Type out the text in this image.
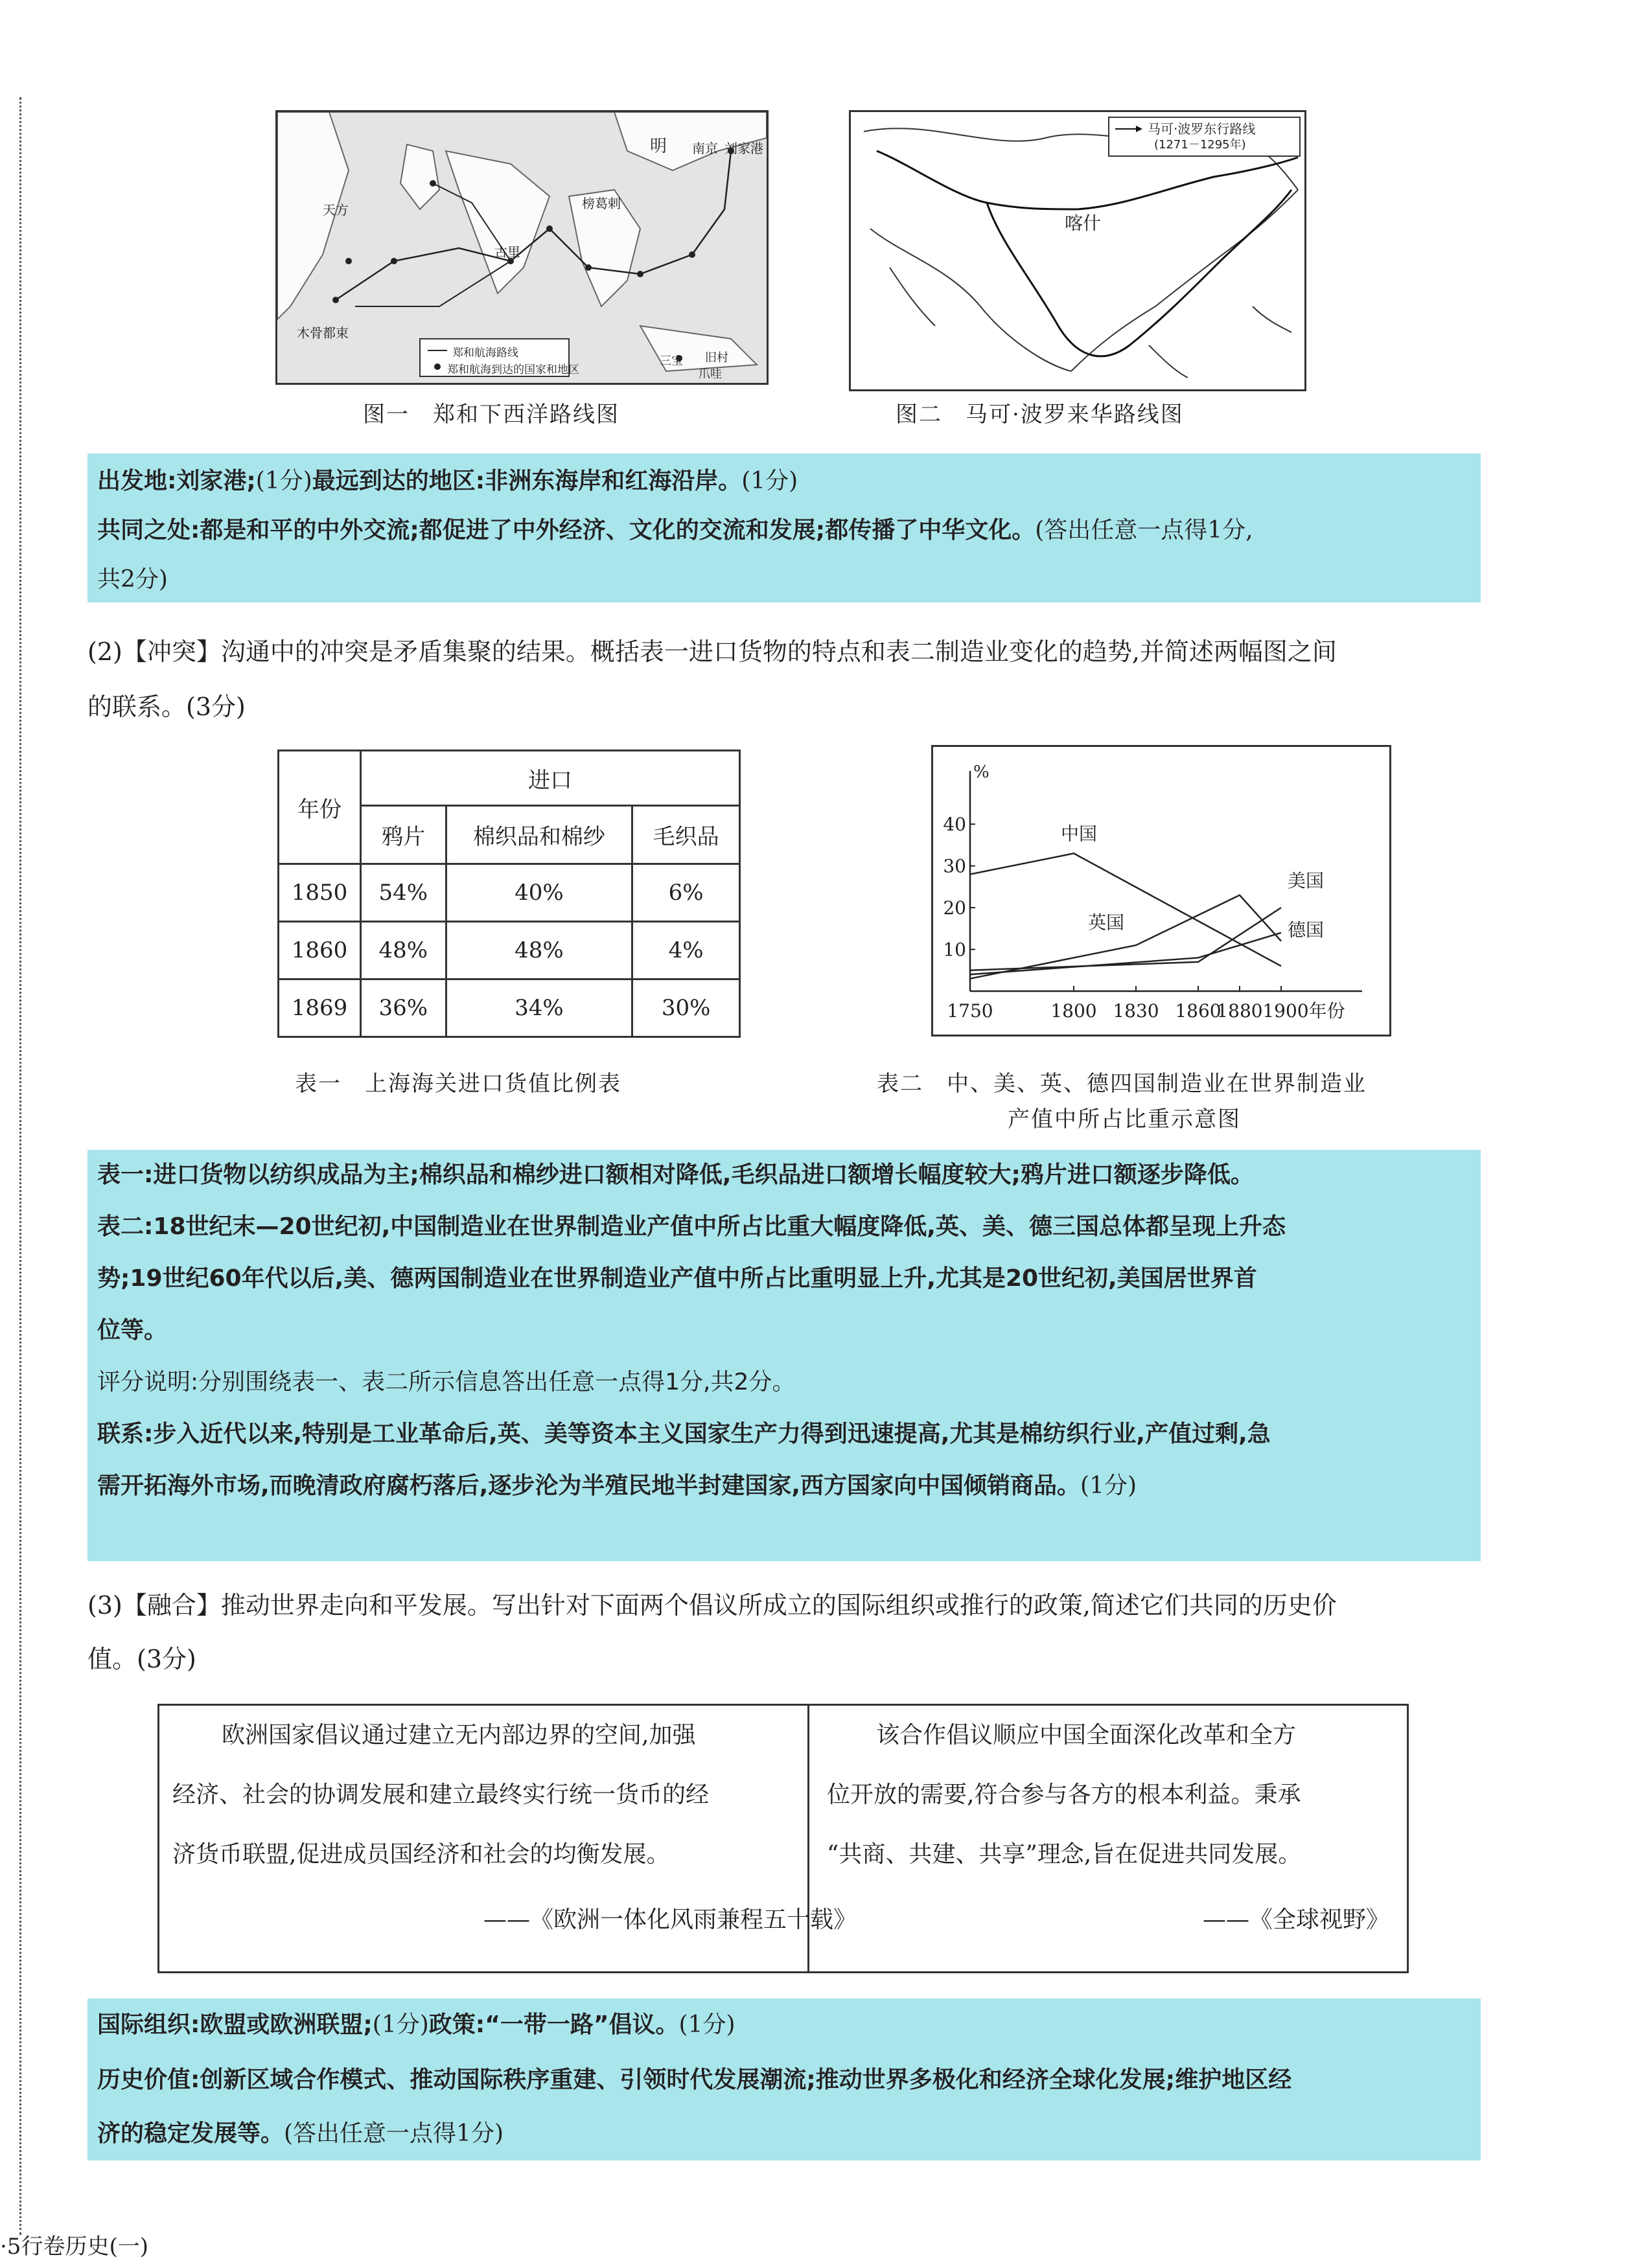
明 南京 刘家港
天方
木骨都束
古里
榜葛剌
三宝 旧村
爪哇
郑和航海路线
郑和航海到达的国家和地区
图一　郑和下西洋路线图
马可·波罗东行路线
(1271－1295年)
喀什
图二　马可·波罗来华路线图

出发地:刘家港;(1分)最远到达的地区:非洲东海岸和红海沿岸。(1分)

共同之处:都是和平的中外交流;都促进了中外经济、文化的交流和发展;都传播了中华文化。(答出任意一点得1分,

共2分)

(2)【冲突】沟通中的冲突是矛盾集聚的结果。概括表一进口货物的特点和表二制造业变化的趋势,并简述两幅图之间
的联系。(3分)
年份	进口		
	鸦片	棉织品和棉纱	毛织品
1850	54%	40%	6%
1860	48%	48%	4%
1869	36%	34%	30%
表一　上海海关进口货值比例表
%
10
20
30
40
1750	1800 1830 1860
1880 1900年份
中国
英国
美国
德国
表二　中、美、英、德四国制造业在世界制造业
产值中所占比重示意图

表一:进口货物以纺织成品为主;棉织品和棉纱进口额相对降低,毛织品进口额增长幅度较大;鸦片进口额逐步降低。

表二:18世纪末—20世纪初,中国制造业在世界制造业产值中所占比重大幅度降低,英、美、德三国总体都呈现上升态

势;19世纪60年代以后,美、德两国制造业在世界制造业产值中所占比重明显上升,尤其是20世纪初,美国居世界首

位等。

评分说明:分别围绕表一、表二所示信息答出任意一点得1分,共2分。

联系:步入近代以来,特别是工业革命后,英、美等资本主义国家生产力得到迅速提高,尤其是棉纺织行业,产值过剩,急

需开拓海外市场,而晚清政府腐朽落后,逐步沦为半殖民地半封建国家,西方国家向中国倾销商品。(1分)

(3)【融合】推动世界走向和平发展。写出针对下面两个倡议所成立的国际组织或推行的政策,简述它们共同的历史价
值。(3分)
欧洲国家倡议通过建立无内部边界的空间,加强
经济、社会的协调发展和建立最终实行统一货币的经
济货币联盟,促进成员国经济和社会的均衡发展。
——《欧洲一体化风雨兼程五十载》
该合作倡议顺应中国全面深化改革和全方
位开放的需要,符合参与各方的根本利益。秉承
“共商、共建、共享”理念,旨在促进共同发展。
——《全球视野》

国际组织:欧盟或欧洲联盟;(1分)政策:“一带一路”倡议。(1分)

历史价值:创新区域合作模式、推动国际秩序重建、引领时代发展潮流;推动世界多极化和经济全球化发展;维护地区经

济的稳定发展等。(答出任意一点得1分)

·5行卷历史(一)
